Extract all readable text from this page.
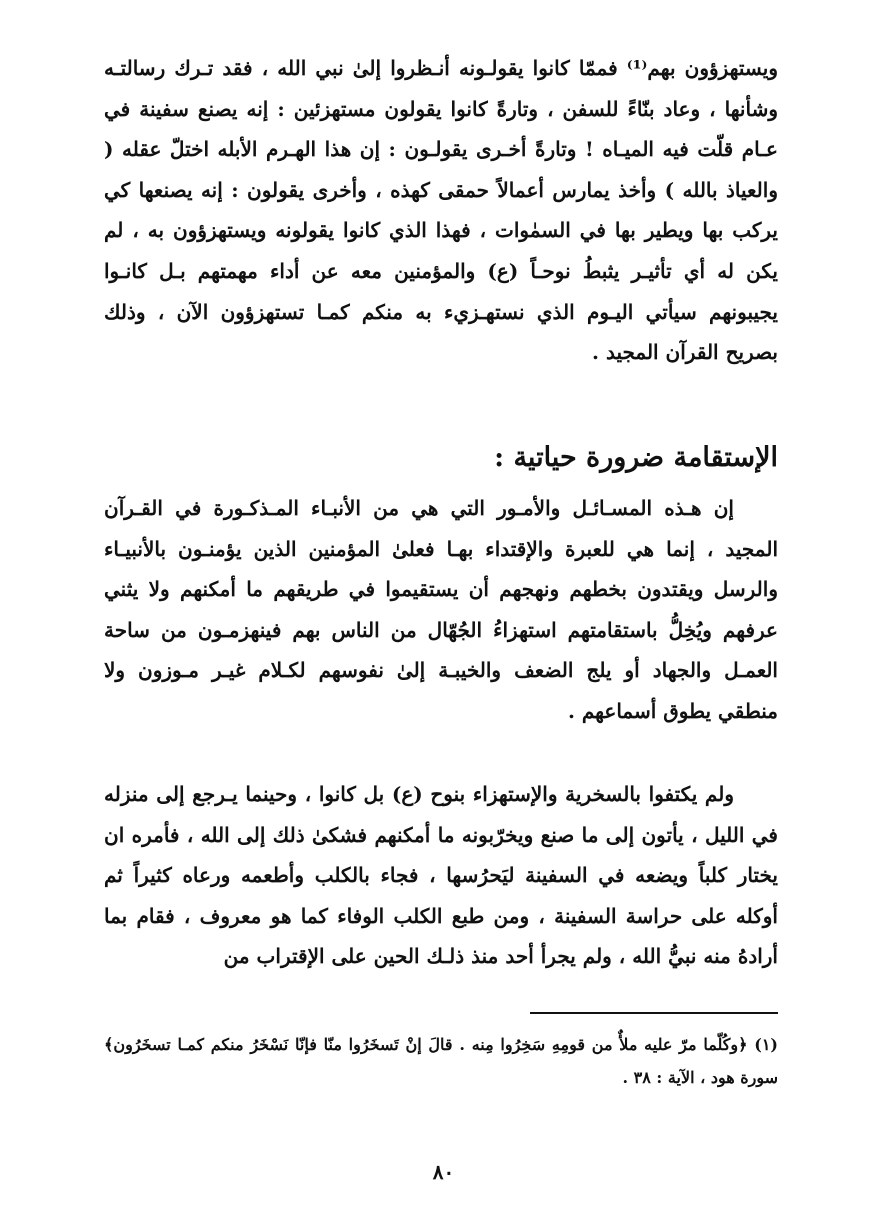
ويستهزؤون بهم⁽¹⁾ فممّا كانوا يقولـونه أنـظروا إلىٰ نبي الله ، فقد تـرك رسالتـه وشأنها ، وعاد بنّاءً للسفن ، وتارةً كانوا يقولون مستهزئين : إنه يصنع سفينة في عـام قلّت فيه الميـاه ! وتارةً أخـرى يقولـون : إن هذا الهـرم الأبله اختلّ عقله ( والعياذ بالله ) وأخذ يمارس أعمالاً حمقى كهذه ، وأخرى يقولون : إنه يصنعها كي يركب بها ويطير بها في السمٰوات ، فهذا الذي كانوا يقولونه ويستهزؤون به ، لم يكن له أي تأثيـر يثبطُ نوحـاً (ع) والمؤمنين معه عن أداء مهمتهم بـل كانـوا يجيبونهم سيأتي اليـوم الذي نستهـزيء به منكم كمـا تستهزؤون الآن ، وذلك بصريح القرآن المجيد .

الإستقامة ضرورة حياتية :

إن هـذه المسـائـل والأمـور التي هي من الأنبـاء المـذكـورة في القـرآن المجيد ، إنما هي للعبرة والإقتداء بهـا فعلىٰ المؤمنين الذين يؤمنـون بالأنبيـاء والرسل ويقتدون بخطهم ونهجهم أن يستقيموا في طريقهم ما أمكنهم ولا يثني عرفهم ويُخِلُّ باستقامتهم استهزاءُ الجُهّال من الناس بهم فينهزمـون من ساحة العمـل والجهاد أو يلج الضعف والخيبـة إلىٰ نفوسهم لكـلام غيـر مـوزون ولا منطقي يطوق أسماعهم .

ولم يكتفوا بالسخرية والإستهزاء بنوح (ع) بل كانوا ، وحينما يـرجع إلى منزله في الليل ، يأتون إلى ما صنع ويخرّبونه ما أمكنهم فشكىٰ ذلك إلى الله ، فأمره ان يختار كلباً ويضعه في السفينة ليَحرُسها ، فجاء بالكلب وأطعمه ورعاه كثيراً ثم أوكله على حراسة السفينة ، ومن طبع الكلب الوفاء كما هو معروف ، فقام بما أرادهُ منه نبيُّ الله ، ولم يجرأ أحد منذ ذلـك الحين على الإقتراب من

(١) ﴿وكُلّما مرّ عليه ملأٌ من قومِهِ سَخِرُوا مِنه . قالَ إنْ تَسخَرُوا منّا فإنّا نَسْخَرُ منكم كمـا تسخَرُون﴾ سورة هود ، الآية : ٣٨ .

٨٠
